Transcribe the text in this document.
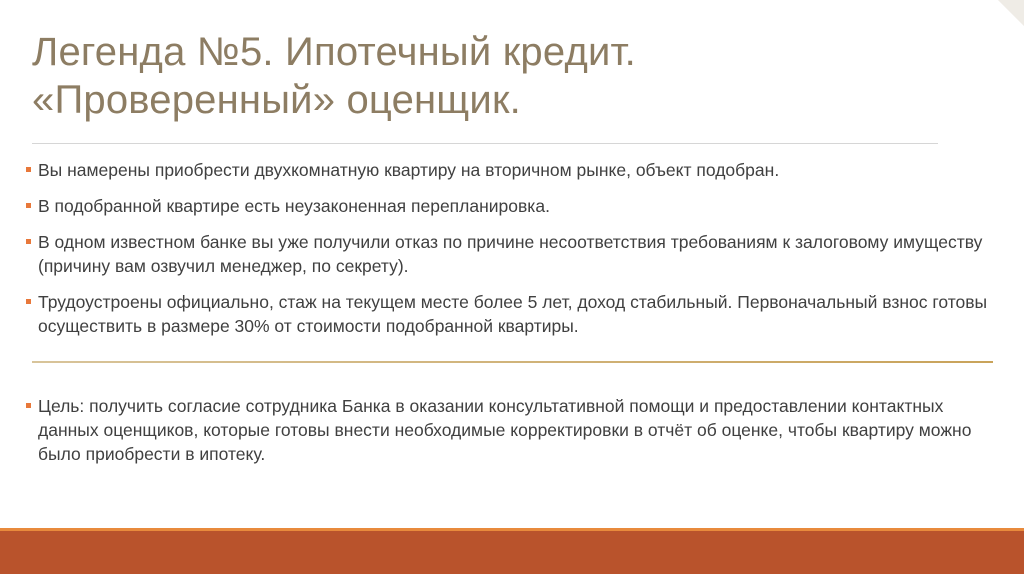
Легенда №5. Ипотечный кредит.
«Проверенный» оценщик.
Вы намерены приобрести двухкомнатную квартиру на вторичном рынке, объект подобран.
В подобранной квартире есть неузаконенная перепланировка.
В одном известном банке вы уже получили отказ по причине несоответствия требованиям к залоговому имуществу (причину вам озвучил менеджер, по секрету).
Трудоустроены официально, стаж на текущем месте более 5 лет, доход стабильный. Первоначальный взнос готовы осуществить в размере 30% от стоимости подобранной квартиры.
Цель: получить согласие сотрудника Банка в оказании консультативной помощи и предоставлении контактных данных оценщиков, которые готовы внести необходимые корректировки в отчёт об оценке, чтобы квартиру можно было приобрести в ипотеку.
